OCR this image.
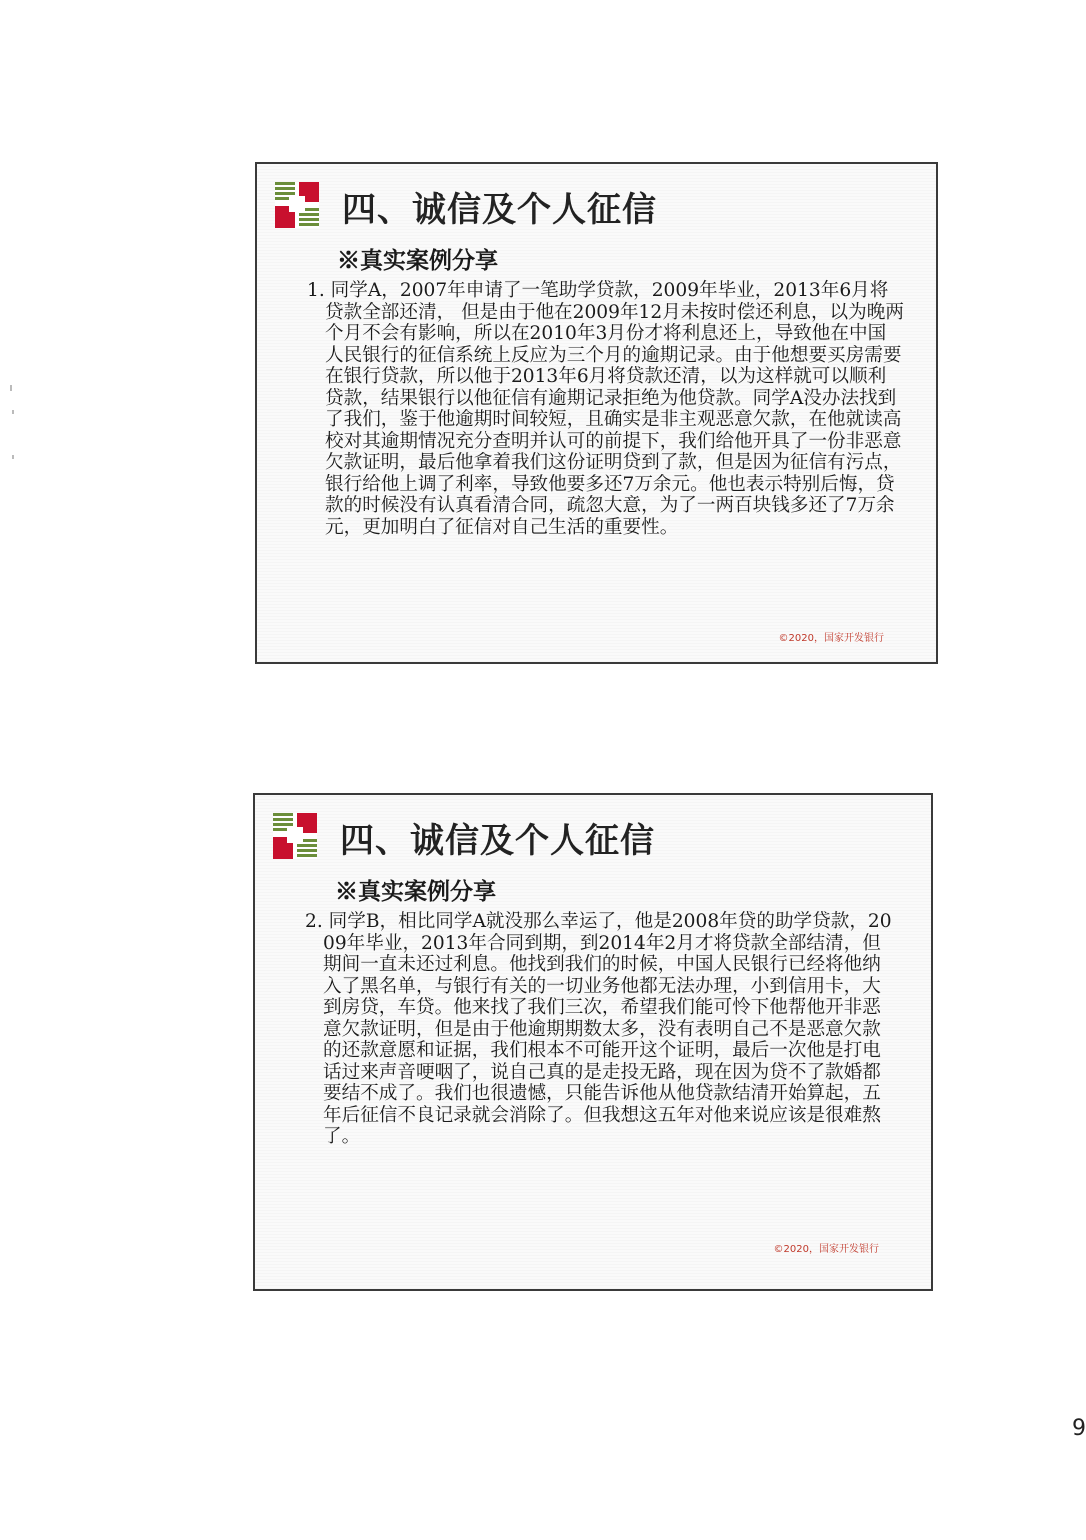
四、诚信及个人征信
※真实案例分享
1. 同学A，2007年申请了一笔助学贷款，2009年毕业，2013年6月将贷款全部还清， 但是由于他在2009年12月未按时偿还利息，以为晚两个月不会有影响，所以在2010年3月份才将利息还上，导致他在中国人民银行的征信系统上反应为三个月的逾期记录。由于他想要买房需要在银行贷款，所以他于2013年6月将贷款还清，以为这样就可以顺利贷款，结果银行以他征信有逾期记录拒绝为他贷款。同学A没办法找到了我们，鉴于他逾期时间较短，且确实是非主观恶意欠款，在他就读高校对其逾期情况充分查明并认可的前提下，我们给他开具了一份非恶意欠款证明，最后他拿着我们这份证明贷到了款，但是因为征信有污点，银行给他上调了利率，导致他要多还7万余元。他也表示特别后悔，贷款的时候没有认真看清合同，疏忽大意，为了一两百块钱多还了7万余元，更加明白了征信对自己生活的重要性。
©2020，国家开发银行
四、诚信及个人征信
※真实案例分享
2. 同学B，相比同学A就没那么幸运了，他是2008年贷的助学贷款，2009年毕业，2013年合同到期，到2014年2月才将贷款全部结清，但期间一直未还过利息。他找到我们的时候，中国人民银行已经将他纳入了黑名单，与银行有关的一切业务他都无法办理，小到信用卡，大到房贷，车贷。他来找了我们三次，希望我们能可怜下他帮他开非恶意欠款证明，但是由于他逾期期数太多，没有表明自己不是恶意欠款的还款意愿和证据，我们根本不可能开这个证明，最后一次他是打电话过来声音哽咽了，说自己真的是走投无路，现在因为贷不了款婚都要结不成了。我们也很遗憾，只能告诉他从他贷款结清开始算起，五年后征信不良记录就会消除了。但我想这五年对他来说应该是很难熬了。
©2020，国家开发银行
9
